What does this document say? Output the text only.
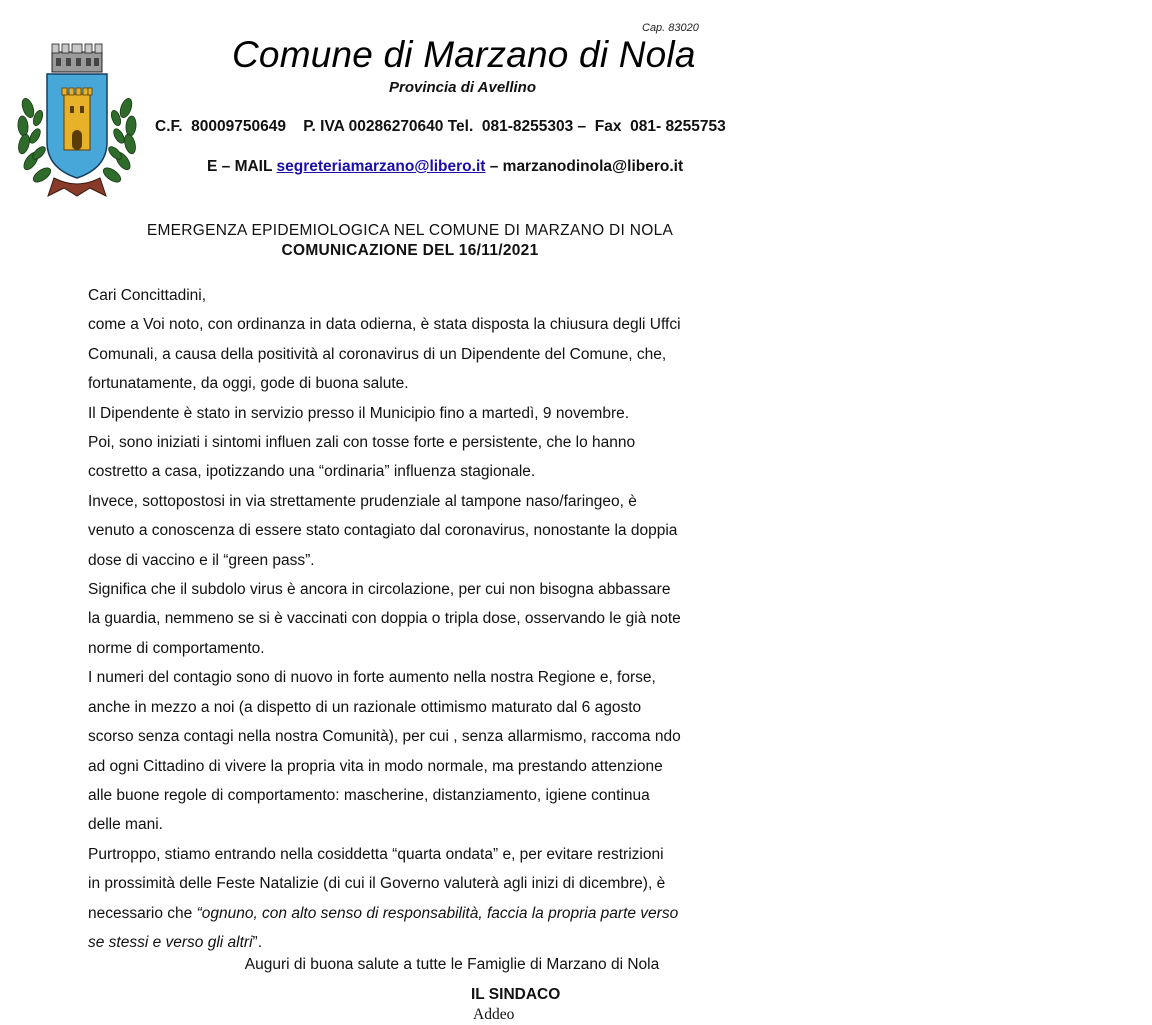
Cap. 83020
Comune di Marzano di Nola
Provincia di Avellino
C.F.  80009750649    P. IVA 00286270640 Tel.  081-8255303 –  Fax  081- 8255753
E – MAIL segreteriamarzano@libero.it – marzanodinola@libero.it
EMERGENZA EPIDEMIOLOGICA NEL COMUNE DI MARZANO DI NOLA
COMUNICAZIONE DEL 16/11/2021

Cari Concittadini,

come a Voi noto, con ordinanza in data odierna, è stata disposta la chiusura degli Uffci

Comunali, a causa della positività al coronavirus di un Dipendente del Comune, che,

fortunatamente, da oggi, gode di buona salute.

Il Dipendente è stato in servizio presso il Municipio fino a martedì, 9 novembre.

Poi, sono iniziati i sintomi influen zali con tosse forte e persistente, che lo hanno

costretto a casa, ipotizzando una “ordinaria” influenza stagionale.

Invece, sottopostosi in via strettamente prudenziale al tampone naso/faringeo, è

venuto a conoscenza di essere stato contagiato dal coronavirus, nonostante la doppia

dose di vaccino e il “green pass”.

Significa che il subdolo virus è ancora in circolazione, per cui non bisogna abbassare

la guardia, nemmeno se si è vaccinati con doppia o tripla dose, osservando le già note

norme di comportamento.

I numeri del contagio sono di nuovo in forte aumento nella nostra Regione e, forse,

anche in mezzo a noi (a dispetto di un razionale ottimismo maturato dal 6 agosto

scorso senza contagi nella nostra Comunità), per cui , senza allarmismo, raccoma ndo

ad ogni Cittadino di vivere la propria vita in modo normale, ma prestando attenzione

alle buone regole di comportamento: mascherine, distanziamento, igiene continua

delle mani.

Purtroppo, stiamo entrando nella cosiddetta “quarta ondata” e, per evitare restrizioni

in prossimità delle Feste Natalizie (di cui il Governo valuterà agli inizi di dicembre), è

necessario che “ognuno, con alto senso di responsabilità, faccia la propria parte verso

se stessi e verso gli altri”.

Auguri di buona salute a tutte le Famiglie di Marzano di Nola
IL SINDACO
Addeo
